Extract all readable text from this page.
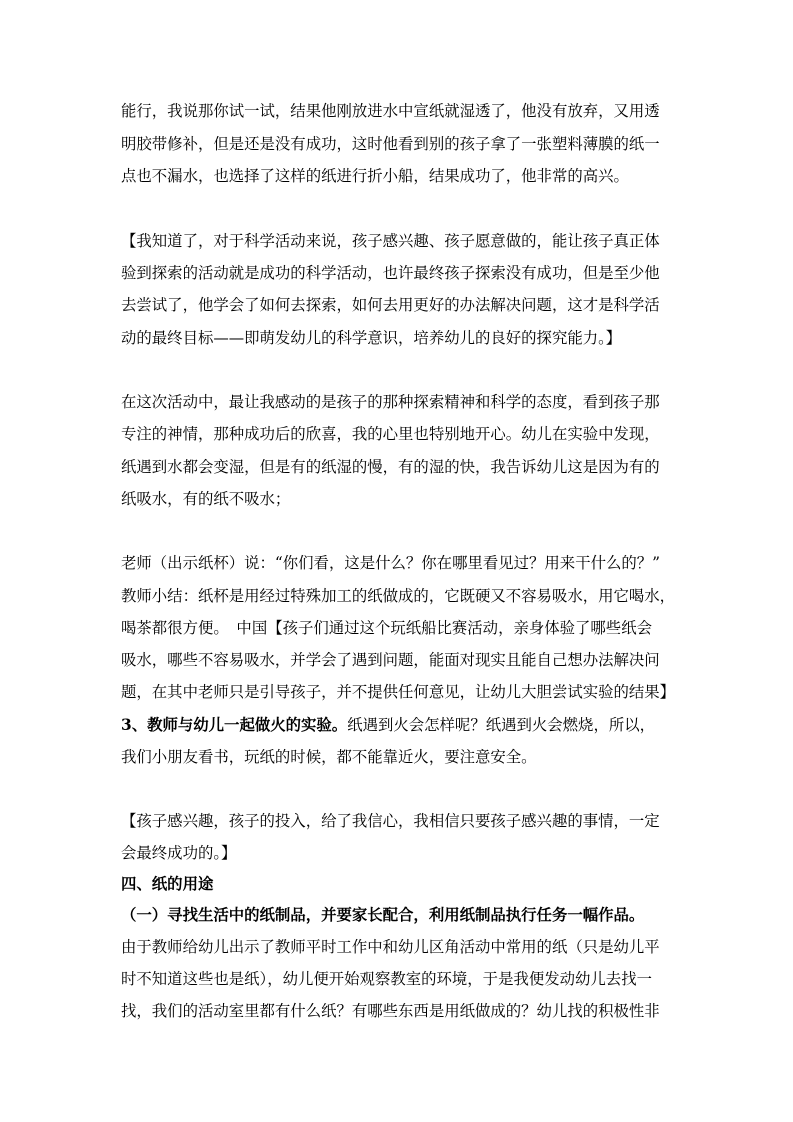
能行，我说那你试一试，结果他刚放进水中宣纸就湿透了，他没有放弃，又用透
明胶带修补，但是还是没有成功，这时他看到别的孩子拿了一张塑料薄膜的纸一
点也不漏水，也选择了这样的纸进行折小船，结果成功了，他非常的高兴。
【我知道了，对于科学活动来说，孩子感兴趣、孩子愿意做的，能让孩子真正体
验到探索的活动就是成功的科学活动，也许最终孩子探索没有成功，但是至少他
去尝试了，他学会了如何去探索，如何去用更好的办法解决问题，这才是科学活
动的最终目标——即萌发幼儿的科学意识，培养幼儿的良好的探究能力。】
在这次活动中，最让我感动的是孩子的那种探索精神和科学的态度，看到孩子那
专注的神情，那种成功后的欣喜，我的心里也特别地开心。幼儿在实验中发现，
纸遇到水都会变湿，但是有的纸湿的慢，有的湿的快，我告诉幼儿这是因为有的
纸吸水，有的纸不吸水；
老师（出示纸杯）说：“你们看，这是什么？你在哪里看见过？用来干什么的？”
教师小结：纸杯是用经过特殊加工的纸做成的，它既硬又不容易吸水，用它喝水，
喝茶都很方便。　中国【孩子们通过这个玩纸船比赛活动，亲身体验了哪些纸会
吸水，哪些不容易吸水，并学会了遇到问题，能面对现实且能自己想办法解决问
题，在其中老师只是引导孩子，并不提供任何意见，让幼儿大胆尝试实验的结果】
3、教师与幼儿一起做火的实验。纸遇到火会怎样呢？纸遇到火会燃烧，所以，
我们小朋友看书，玩纸的时候，都不能靠近火，要注意安全。
【孩子感兴趣，孩子的投入，给了我信心，我相信只要孩子感兴趣的事情，一定
会最终成功的。】
四、纸的用途
（一）寻找生活中的纸制品，并要家长配合，利用纸制品执行任务一幅作品。
由于教师给幼儿出示了教师平时工作中和幼儿区角活动中常用的纸（只是幼儿平
时不知道这些也是纸），幼儿便开始观察教室的环境，于是我便发动幼儿去找一
找，我们的活动室里都有什么纸？有哪些东西是用纸做成的？幼儿找的积极性非
